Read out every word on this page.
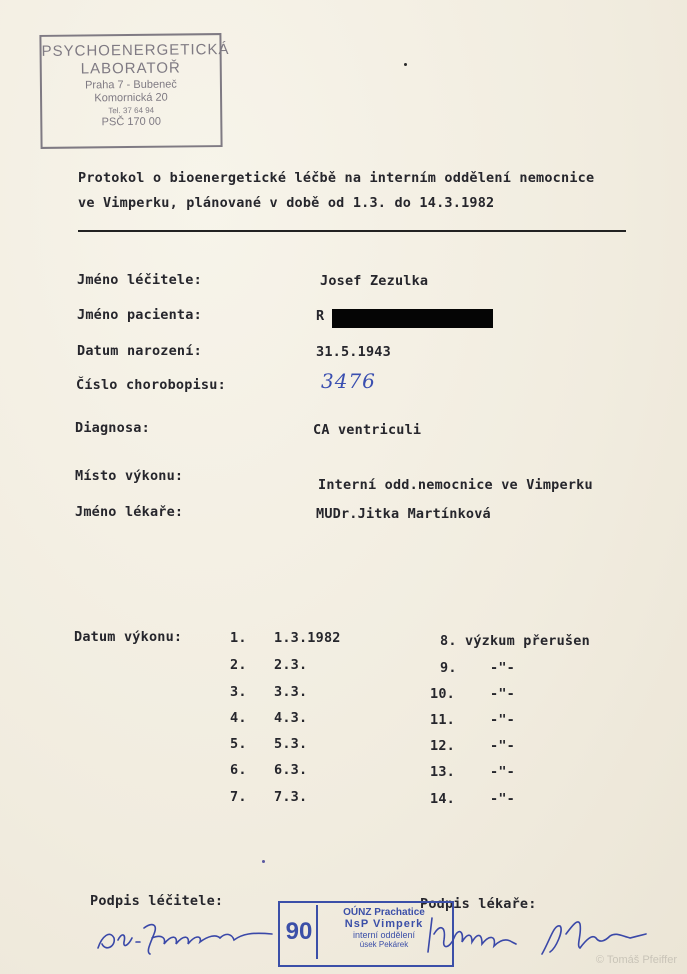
PSYCHOENERGETICKÁ
LABORATOŘ
Praha 7 - Bubeneč
Komornická 20
Tel. 37 64 94
PSČ 170 00
Protokol o bioenergetické léčbě na interním oddělení nemocnice
ve Vimperku, plánované v době od 1.3. do 14.3.1982
Jméno léčitele:	Josef Zezulka
Jméno pacienta:	R
Datum narození:	31.5.1943
Číslo chorobopisu:	3476
Diagnosa:	CA ventriculi
Místo výkonu:
Interní odd.nemocnice ve Vimperku
Jméno lékaře:	MUDr.Jitka Martínková
Datum výkonu:	1. 1.3.1982
2. 2.3.
3. 3.3.
4. 4.3.
5. 5.3.
6. 6.3.
7. 7.3.
8. výzkum přerušen
9. -"-
10.	-"-
11.	-"-
12.	-"-
13.	-"-
14.	-"-
Podpis léčitele:	Podpis lékaře:
90
OÚNZ Prachatice
NsP Vimperk
interní oddělení
úsek Pekárek
© Tomáš Pfeiffer
